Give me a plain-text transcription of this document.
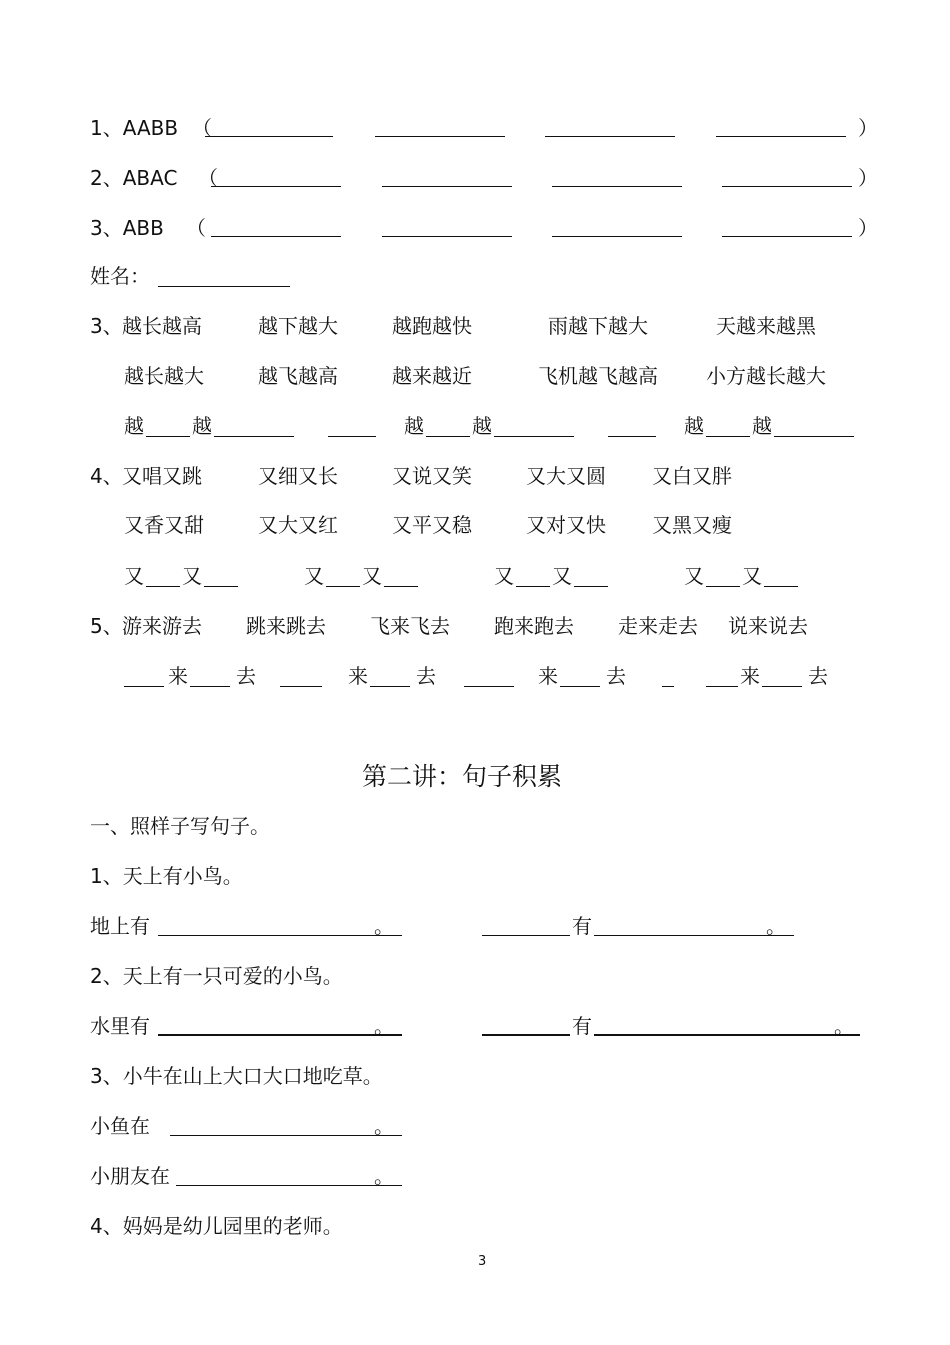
1、AABB （	）
2、ABAC （	）
3、ABB （	）
姓名：
3、 越长越高	越下越大	越跑越快	雨越下越大	天越来越黑
越长越大	越飞越高	越来越近	飞机越飞越高 小方越长越大
越 越	越 越	越 越
4、 又唱又跳	又细又长	又说又笑	又大又圆 又白又胖
又香又甜	又大又红	又平又稳	又对又快 又黑又瘦
又 又	又 又	又 又	又 又
5、 游来游去 跳来跳去 飞来飞去 跑来跑去 走来走去 说来说去
来 去	来 去	来 去	来 去
第二讲：句子积累
一、照样子写句子。
1、天上有小鸟。
地上有	。	有	。
2、天上有一只可爱的小鸟。
水里有	。	有	。
3、小牛在山上大口大口地吃草。
小鱼在	。
小朋友在	。
4、妈妈是幼儿园里的老师。
3
